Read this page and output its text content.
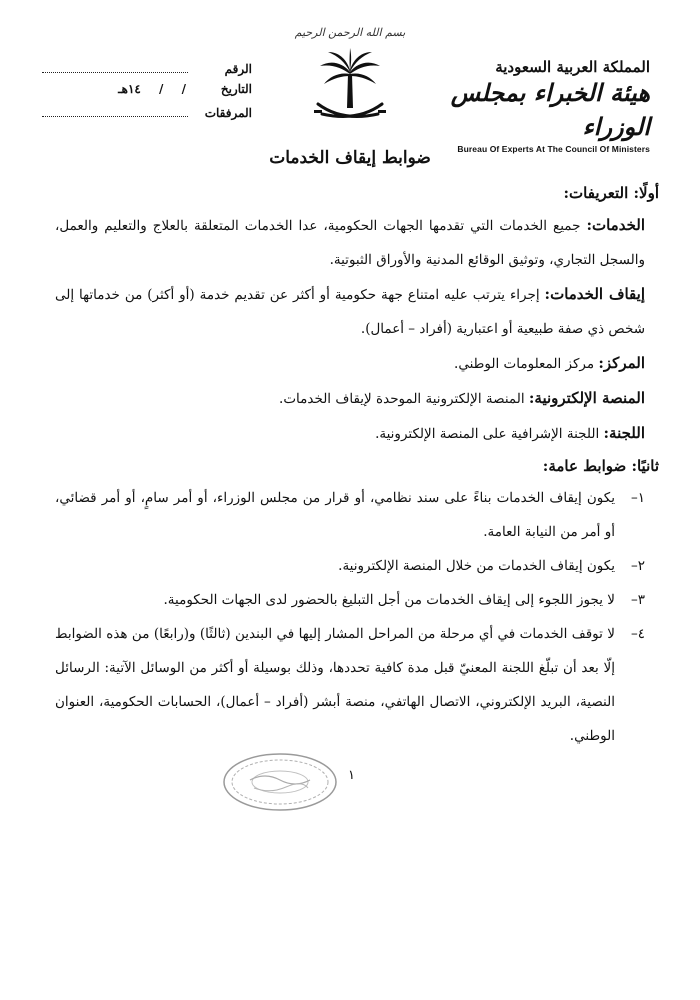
بسم الله الرحمن الرحيم
المملكة العربية السعودية
هيئة الخبراء بمجلس الوزراء
Bureau Of Experts At The Council Of Ministers
الرقم
التاريخ
/ / ١٤هـ
المرفقات
ضوابط إيقاف الخدمات
أولًا: التعريفات:

الخدمات: جميع الخدمات التي تقدمها الجهات الحكومية، عدا الخدمات المتعلقة بالعلاج والتعليم والعمل، والسجل التجاري، وتوثيق الوقائع المدنية والأوراق الثبوتية.

إيقاف الخدمات: إجراء يترتب عليه امتناع جهة حكومية أو أكثر عن تقديم خدمة (أو أكثر) من خدماتها إلى شخص ذي صفة طبيعية أو اعتبارية (أفراد – أعمال).

المركز: مركز المعلومات الوطني.

المنصة الإلكترونية: المنصة الإلكترونية الموحدة لإيقاف الخدمات.

اللجنة: اللجنة الإشرافية على المنصة الإلكترونية.

ثانيًا: ضوابط عامة:
١–
يكون إيقاف الخدمات بناءً على سند نظامي، أو قرار من مجلس الوزراء، أو أمر سامٍ، أو أمر قضائي، أو أمر من النيابة العامة.
٢–
يكون إيقاف الخدمات من خلال المنصة الإلكترونية.
٣–
لا يجوز اللجوء إلى إيقاف الخدمات من أجل التبليغ بالحضور لدى الجهات الحكومية.
٤–
لا توقف الخدمات في أي مرحلة من المراحل المشار إليها في البندين (ثالثًا) و(رابعًا) من هذه الضوابط إلّا بعد أن تبلّغ اللجنة المعنيّ قبل مدة كافية تحددها، وذلك بوسيلة أو أكثر من الوسائل الآتية: الرسائل النصية، البريد الإلكتروني، الاتصال الهاتفي، منصة أبشر (أفراد – أعمال)، الحسابات الحكومية، العنوان الوطني.
١
